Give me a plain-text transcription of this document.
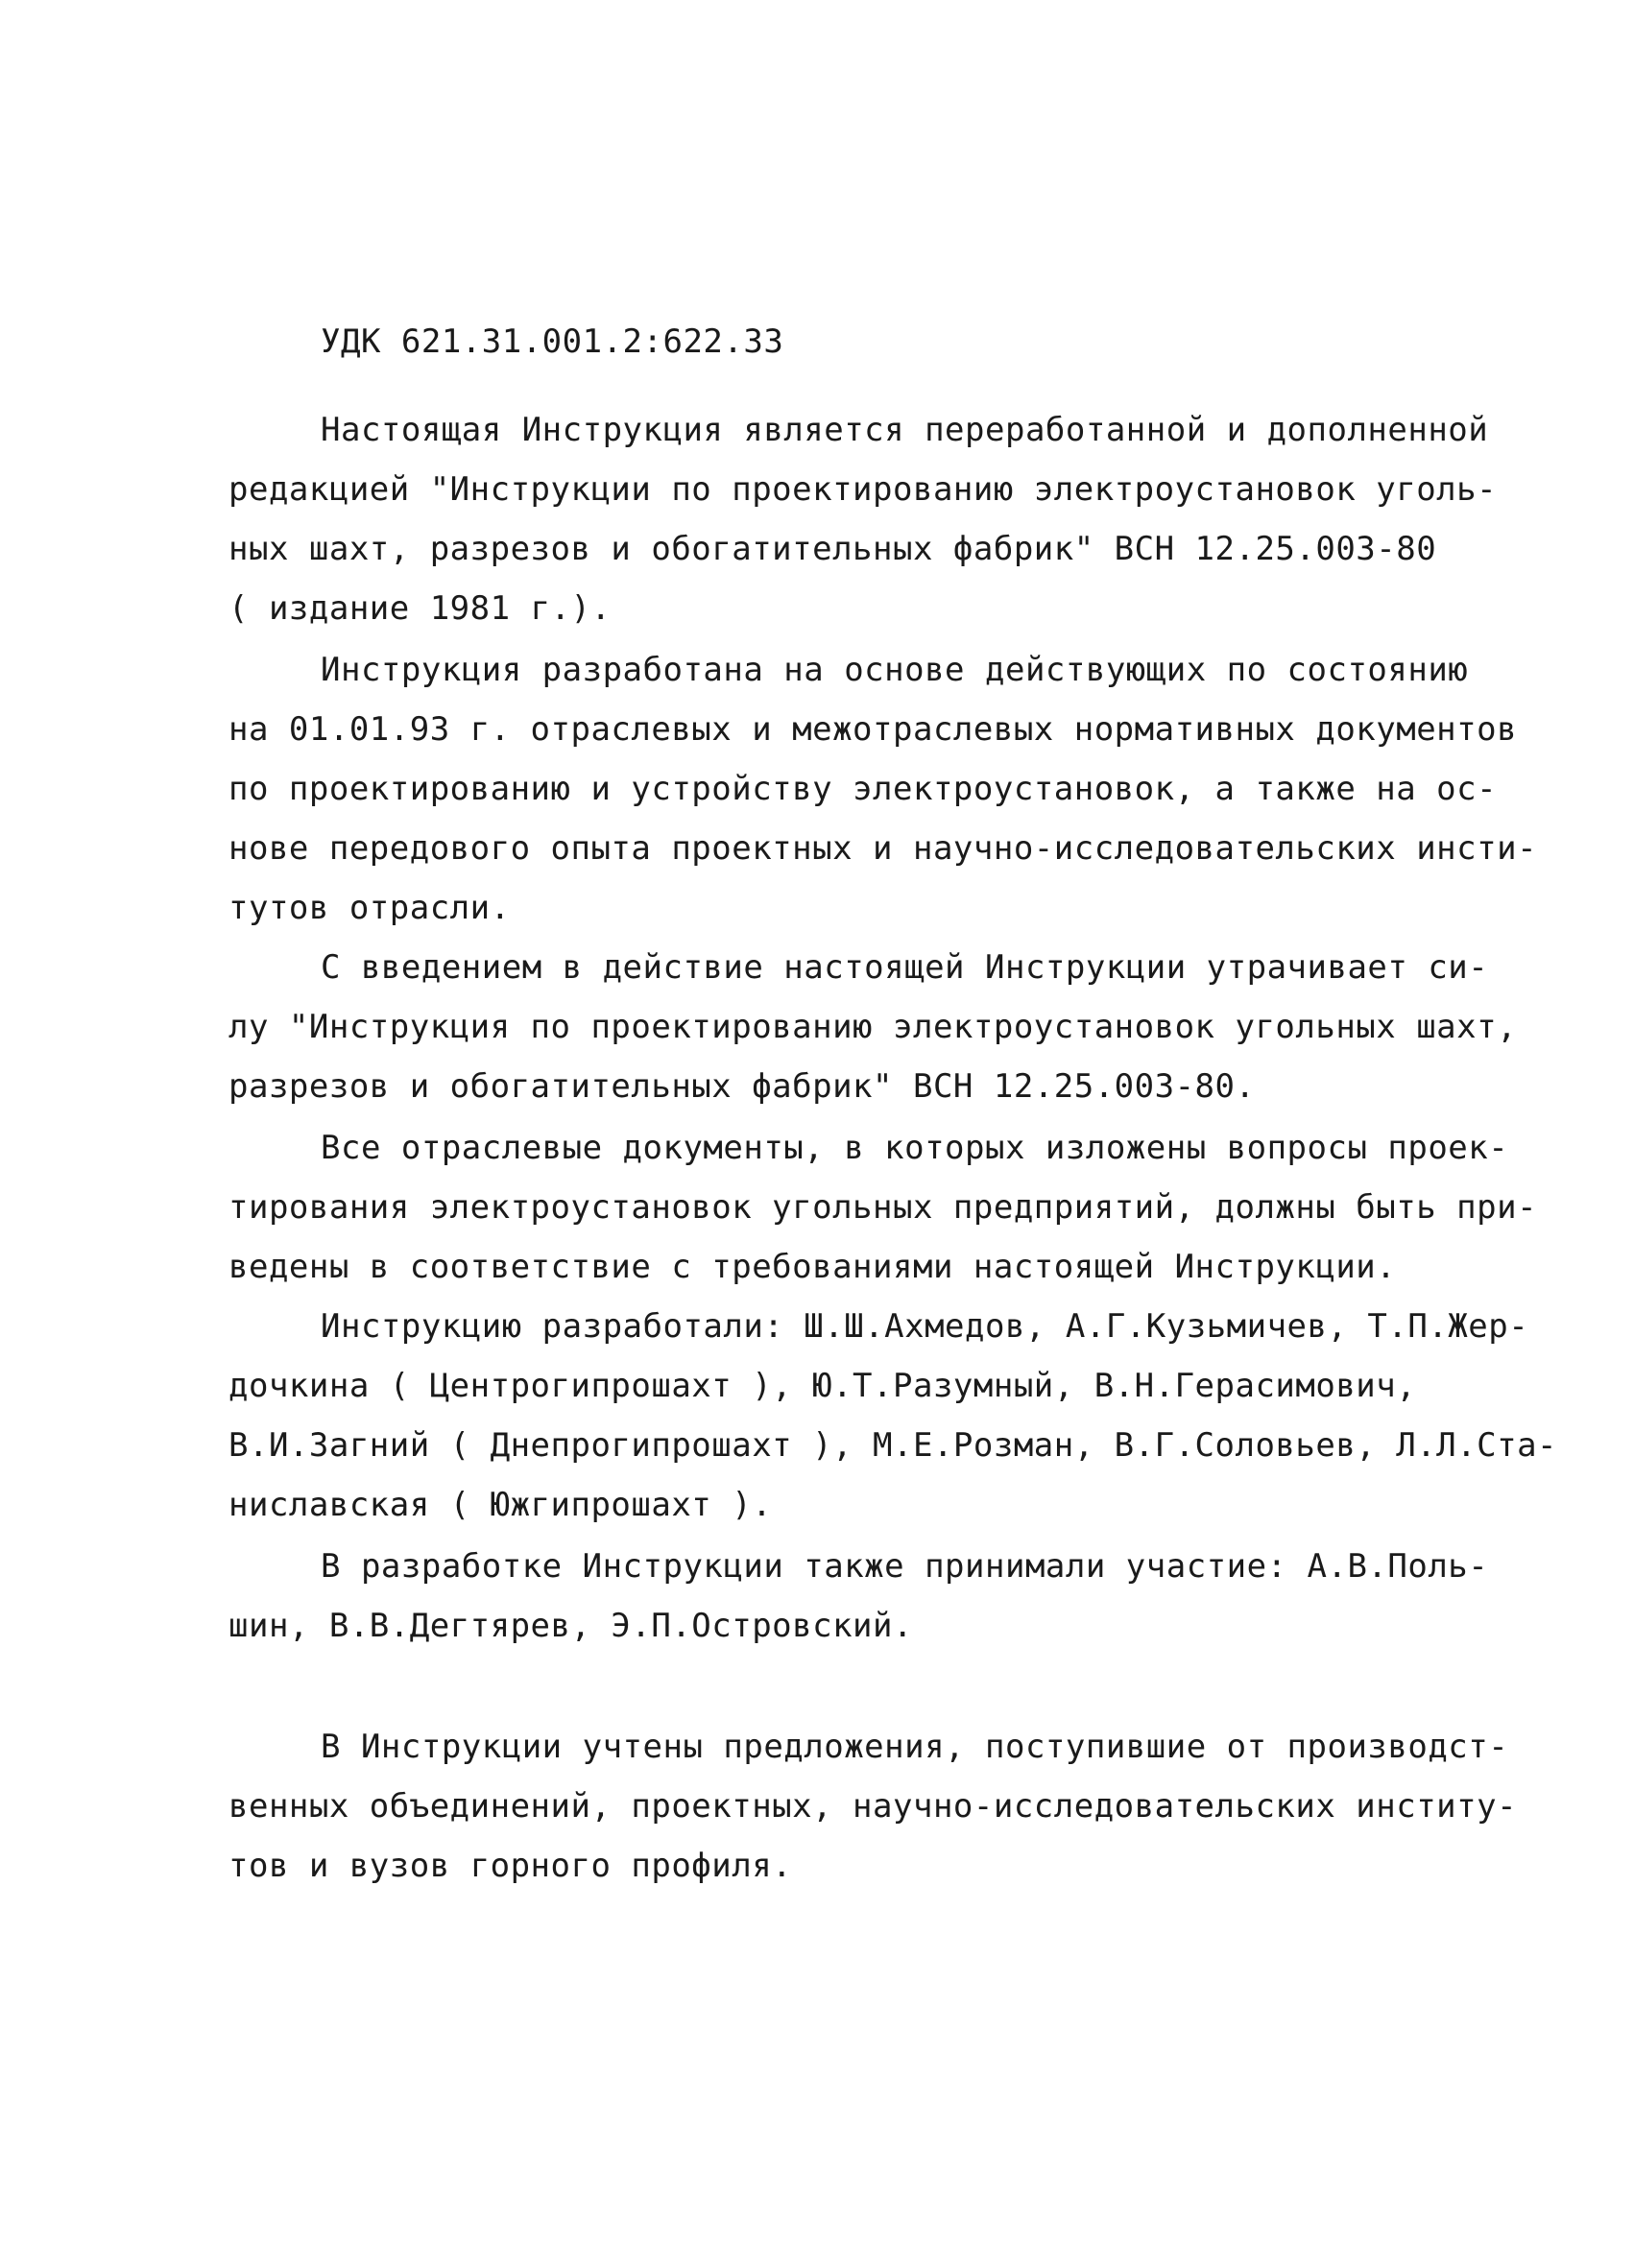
УДК 621.31.001.2:622.33

Настоящая Инструкция является переработанной и дополненной

редакцией "Инструкции по проектированию электроустановок уголь-

ных шахт, разрезов и обогатительных фабрик" ВСН 12.25.003-80

( издание 1981 г.).

Инструкция разработана на основе действующих по состоянию

на 01.01.93 г. отраслевых и межотраслевых нормативных документов

по проектированию и устройству электроустановок, а также на ос-

нове передового опыта проектных и научно-исследовательских инсти-

тутов отрасли.

С введением в действие настоящей Инструкции утрачивает си-

лу "Инструкция по проектированию электроустановок угольных шахт,

разрезов и обогатительных фабрик" ВСН 12.25.003-80.

Все отраслевые документы, в которых изложены вопросы проек-

тирования электроустановок угольных предприятий, должны быть при-

ведены в соответствие с требованиями настоящей Инструкции.

Инструкцию разработали: Ш.Ш.Ахмедов, А.Г.Кузьмичев, Т.П.Жер-

дочкина ( Центрогипрошахт ), Ю.Т.Разумный, В.Н.Герасимович,

В.И.Загний ( Днепрогипрошахт ), М.Е.Розман, В.Г.Соловьев, Л.Л.Ста-

ниславская ( Южгипрошахт ).

В разработке Инструкции также принимали участие: А.В.Поль-

шин, В.В.Дегтярев, Э.П.Островский.

В Инструкции учтены предложения, поступившие от производст-

венных объединений, проектных, научно-исследовательских институ-

тов и вузов горного профиля.
